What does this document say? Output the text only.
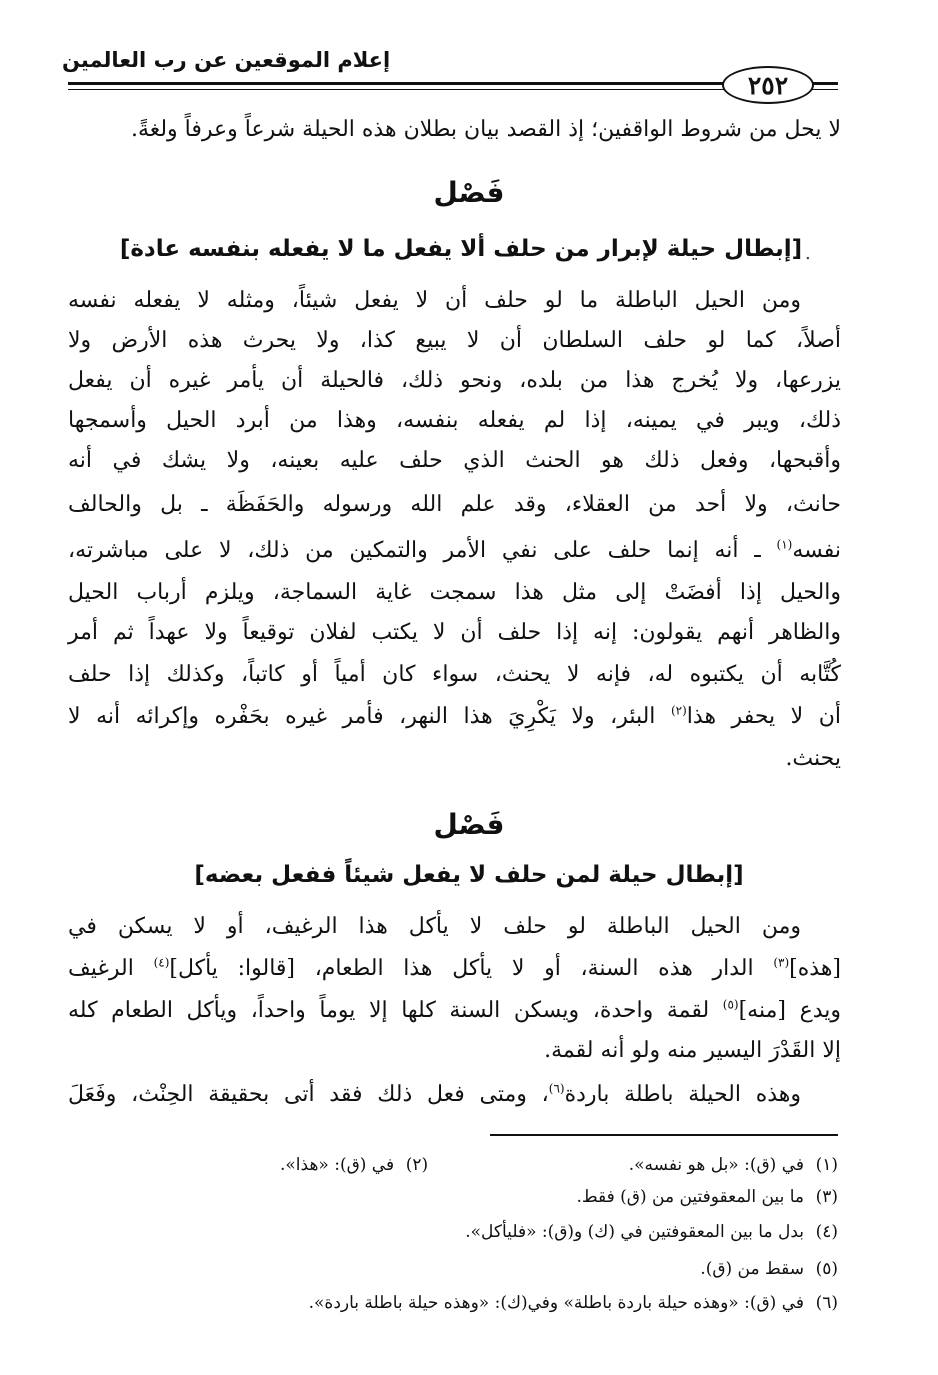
إعلام الموقعين عن رب العالمين
٢٥٢
لا يحل من شروط الواقفين؛ إذ القصد بيان بطلان هذه الحيلة شرعاً وعرفاً ولغةً.
فَصْل
.
[إبطال حيلة لإبرار من حلف ألا يفعل ما لا يفعله بنفسه عادة]
ومن الحيل الباطلة ما لو حلف أن لا يفعل شيئاً، ومثله لا يفعله نفسه
أصلاً، كما لو حلف السلطان أن لا يبيع كذا، ولا يحرث هذه الأرض ولا
يزرعها، ولا يُخرج هذا من بلده، ونحو ذلك، فالحيلة أن يأمر غيره أن يفعل
ذلك، ويبر في يمينه، إذا لم يفعله بنفسه، وهذا من أبرد الحيل وأسمجها
وأقبحها، وفعل ذلك هو الحنث الذي حلف عليه بعينه، ولا يشك في أنه
حانث، ولا أحد من العقلاء، وقد علم الله ورسوله والحَفَظَة ـ بل والحالف
نفسه$^{(١)}$ ـ أنه إنما حلف على نفي الأمر والتمكين من ذلك، لا على مباشرته،
والحيل إذا أفضَتْ إلى مثل هذا سمجت غاية السماجة، ويلزم أرباب الحيل
والظاهر أنهم يقولون: إنه إذا حلف أن لا يكتب لفلان توقيعاً ولا عهداً ثم أمر
كُتَّابه أن يكتبوه له، فإنه لا يحنث، سواء كان أمياً أو كاتباً، وكذلك إذا حلف
أن لا يحفر هذا$^{(٢)}$ البئر، ولا يَكْرِيَ هذا النهر، فأمر غيره بحَفْره وإكرائه أنه لا
يحنث.
فَصْل
[إبطال حيلة لمن حلف لا يفعل شيئاً ففعل بعضه]
ومن الحيل الباطلة لو حلف لا يأكل هذا الرغيف، أو لا يسكن في
[هذه]$^{(٣)}$ الدار هذه السنة، أو لا يأكل هذا الطعام، [قالوا: يأكل]$^{(٤)}$ الرغيف
ويدع [منه]$^{(٥)}$ لقمة واحدة، ويسكن السنة كلها إلا يوماً واحداً، ويأكل الطعام كله
إلا القَدْرَ اليسير منه ولو أنه لقمة.
وهذه الحيلة باطلة باردة$^{(٦)}$، ومتى فعل ذلك فقد أتى بحقيقة الحِنْث، وفَعَلَ
(١)في (ق): «بل هو نفسه».
(٢)في (ق): «هذا».
(٣)ما بين المعقوفتين من (ق) فقط.
(٤)بدل ما بين المعقوفتين في (ك) و(ق): «فليأكل».
(٥)سقط من (ق).
(٦)في (ق): «وهذه حيلة باردة باطلة» وفي(ك): «وهذه حيلة باطلة باردة».
